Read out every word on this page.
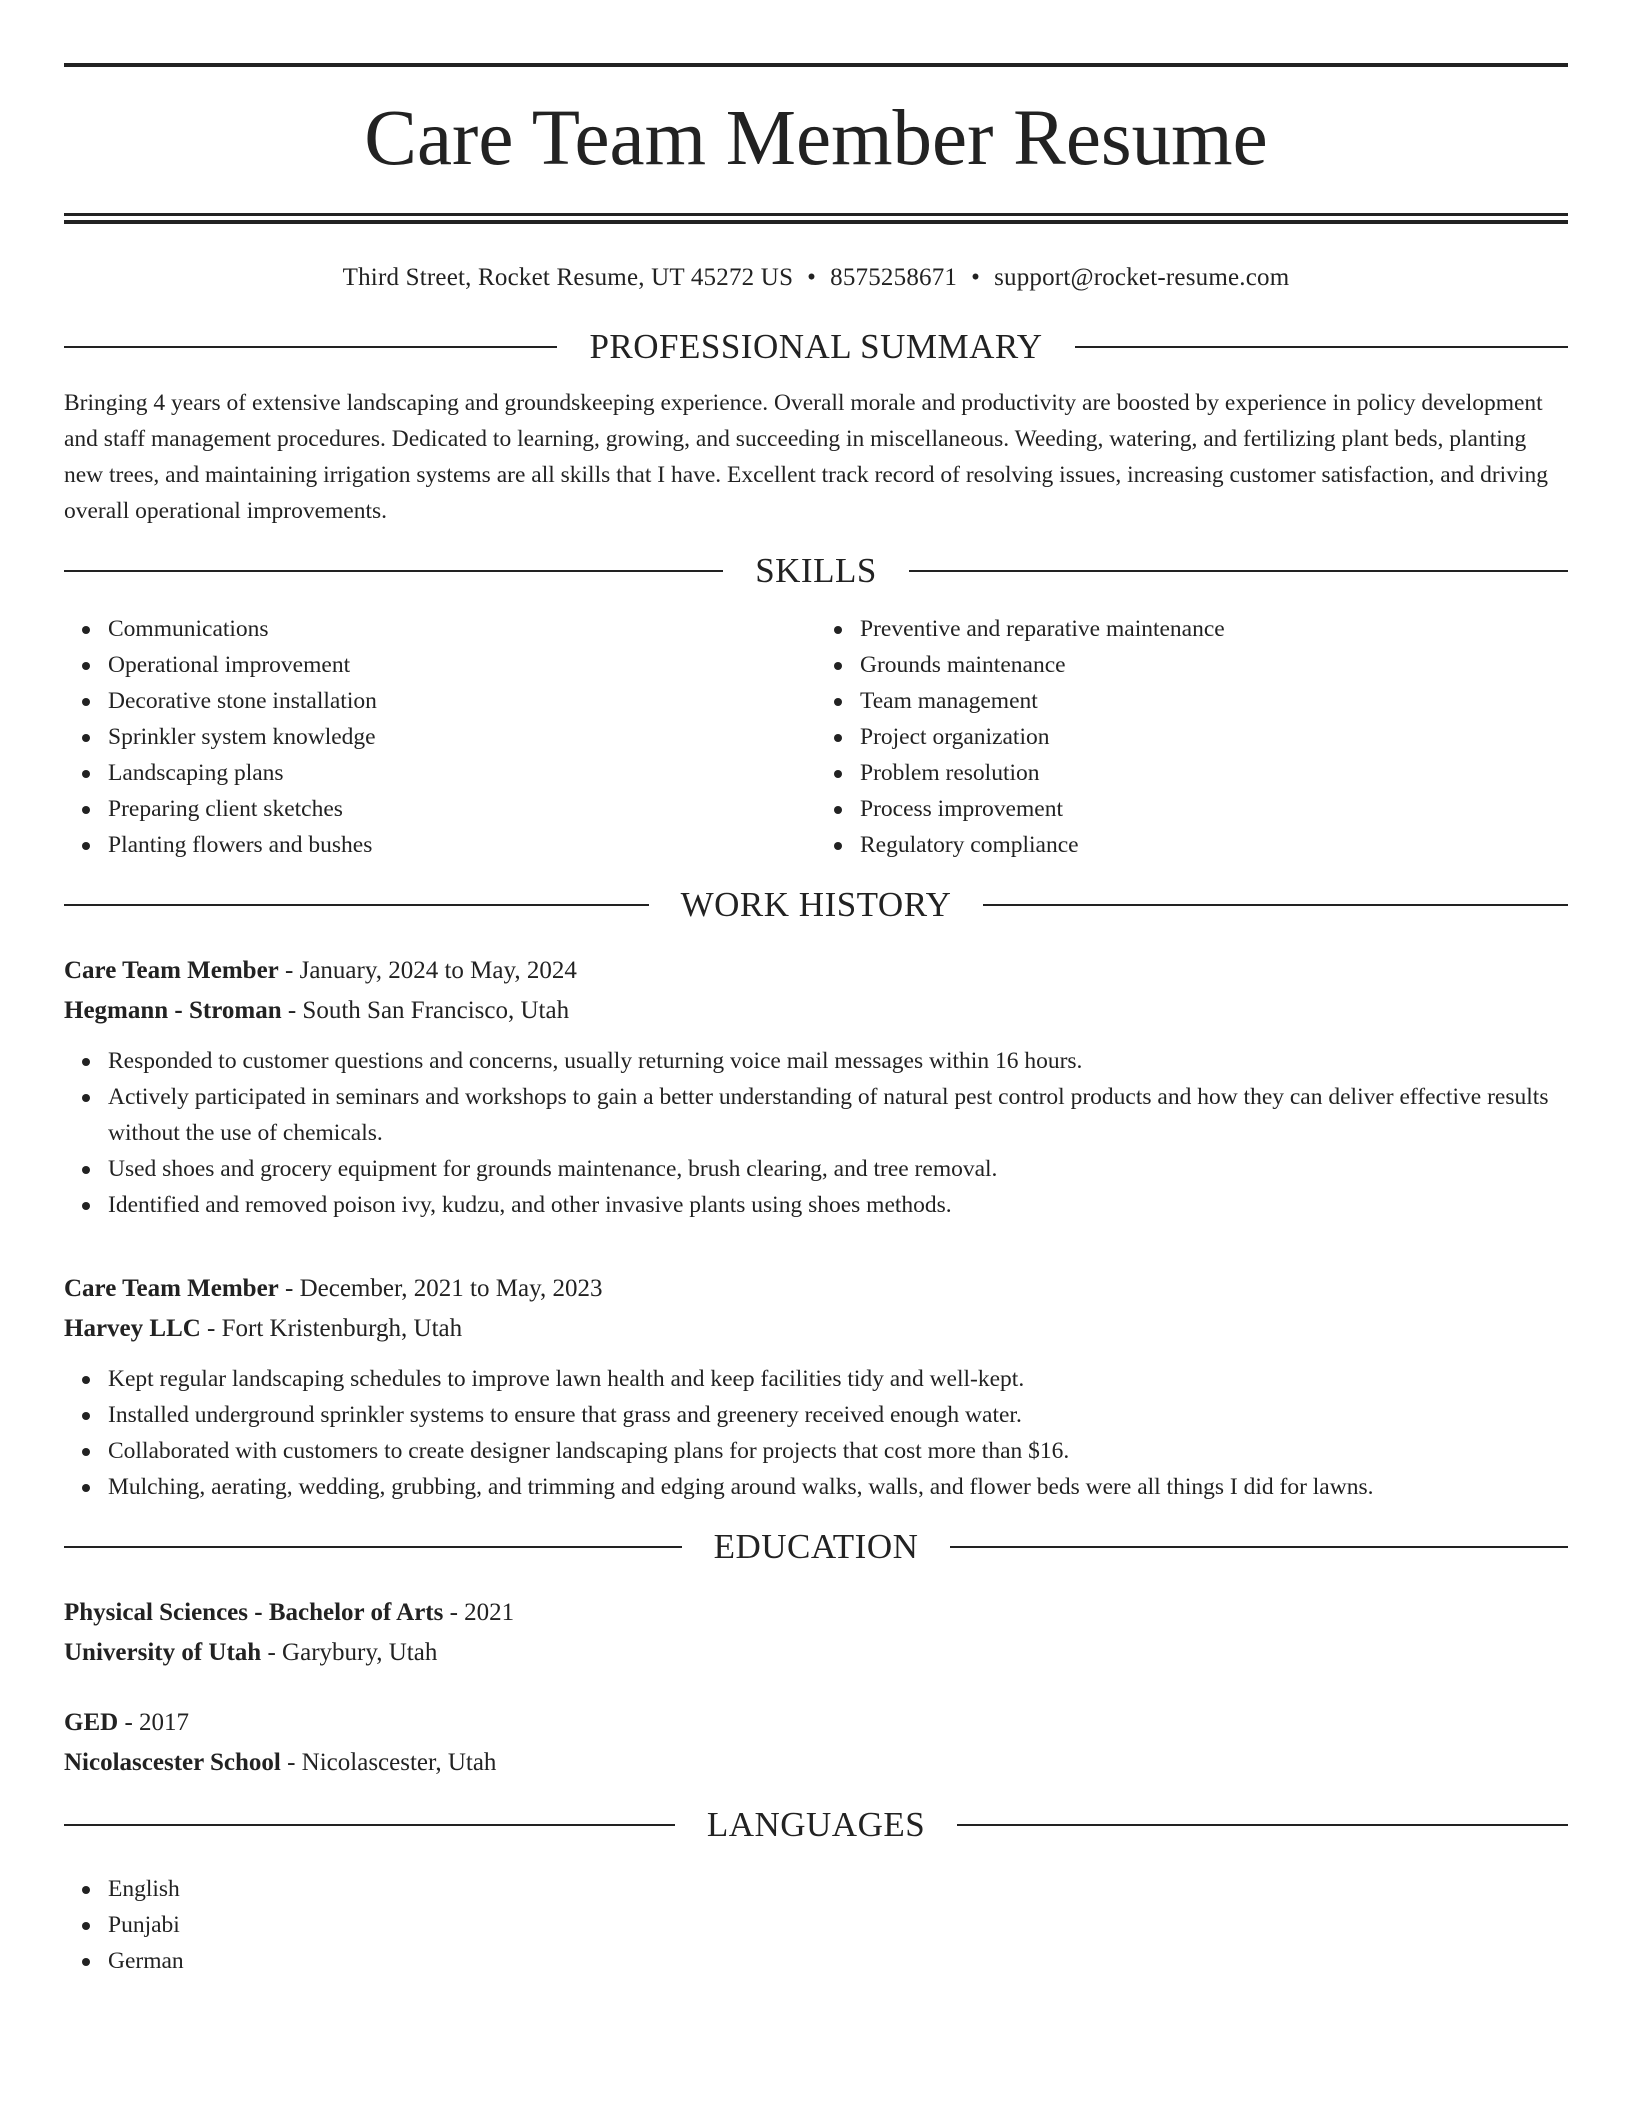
Care Team Member Resume
Third Street, Rocket Resume, UT 45272 US • 8575258671 • support@rocket-resume.com
PROFESSIONAL SUMMARY

Bringing 4 years of extensive landscaping and groundskeeping experience. Overall morale and productivity are boosted by experience in policy development and staff management procedures. Dedicated to learning, growing, and succeeding in miscellaneous. Weeding, watering, and fertilizing plant beds, planting new trees, and maintaining irrigation systems are all skills that I have. Excellent track record of resolving issues, increasing customer satisfaction, and driving overall operational improvements.

SKILLS
Communications
Operational improvement
Decorative stone installation
Sprinkler system knowledge
Landscaping plans
Preparing client sketches
Planting flowers and bushes
Preventive and reparative maintenance
Grounds maintenance
Team management
Project organization
Problem resolution
Process improvement
Regulatory compliance
WORK HISTORY
Care Team Member - January, 2024 to May, 2024
Hegmann - Stroman - South San Francisco, Utah
Responded to customer questions and concerns, usually returning voice mail messages within 16 hours.
Actively participated in seminars and workshops to gain a better understanding of natural pest control products and how they can deliver effective results without the use of chemicals.
Used shoes and grocery equipment for grounds maintenance, brush clearing, and tree removal.
Identified and removed poison ivy, kudzu, and other invasive plants using shoes methods.
Care Team Member - December, 2021 to May, 2023
Harvey LLC - Fort Kristenburgh, Utah
Kept regular landscaping schedules to improve lawn health and keep facilities tidy and well-kept.
Installed underground sprinkler systems to ensure that grass and greenery received enough water.
Collaborated with customers to create designer landscaping plans for projects that cost more than $16.
Mulching, aerating, wedding, grubbing, and trimming and edging around walks, walls, and flower beds were all things I did for lawns.
EDUCATION
Physical Sciences - Bachelor of Arts - 2021
University of Utah - Garybury, Utah
GED - 2017
Nicolascester School - Nicolascester, Utah
LANGUAGES
English
Punjabi
German
